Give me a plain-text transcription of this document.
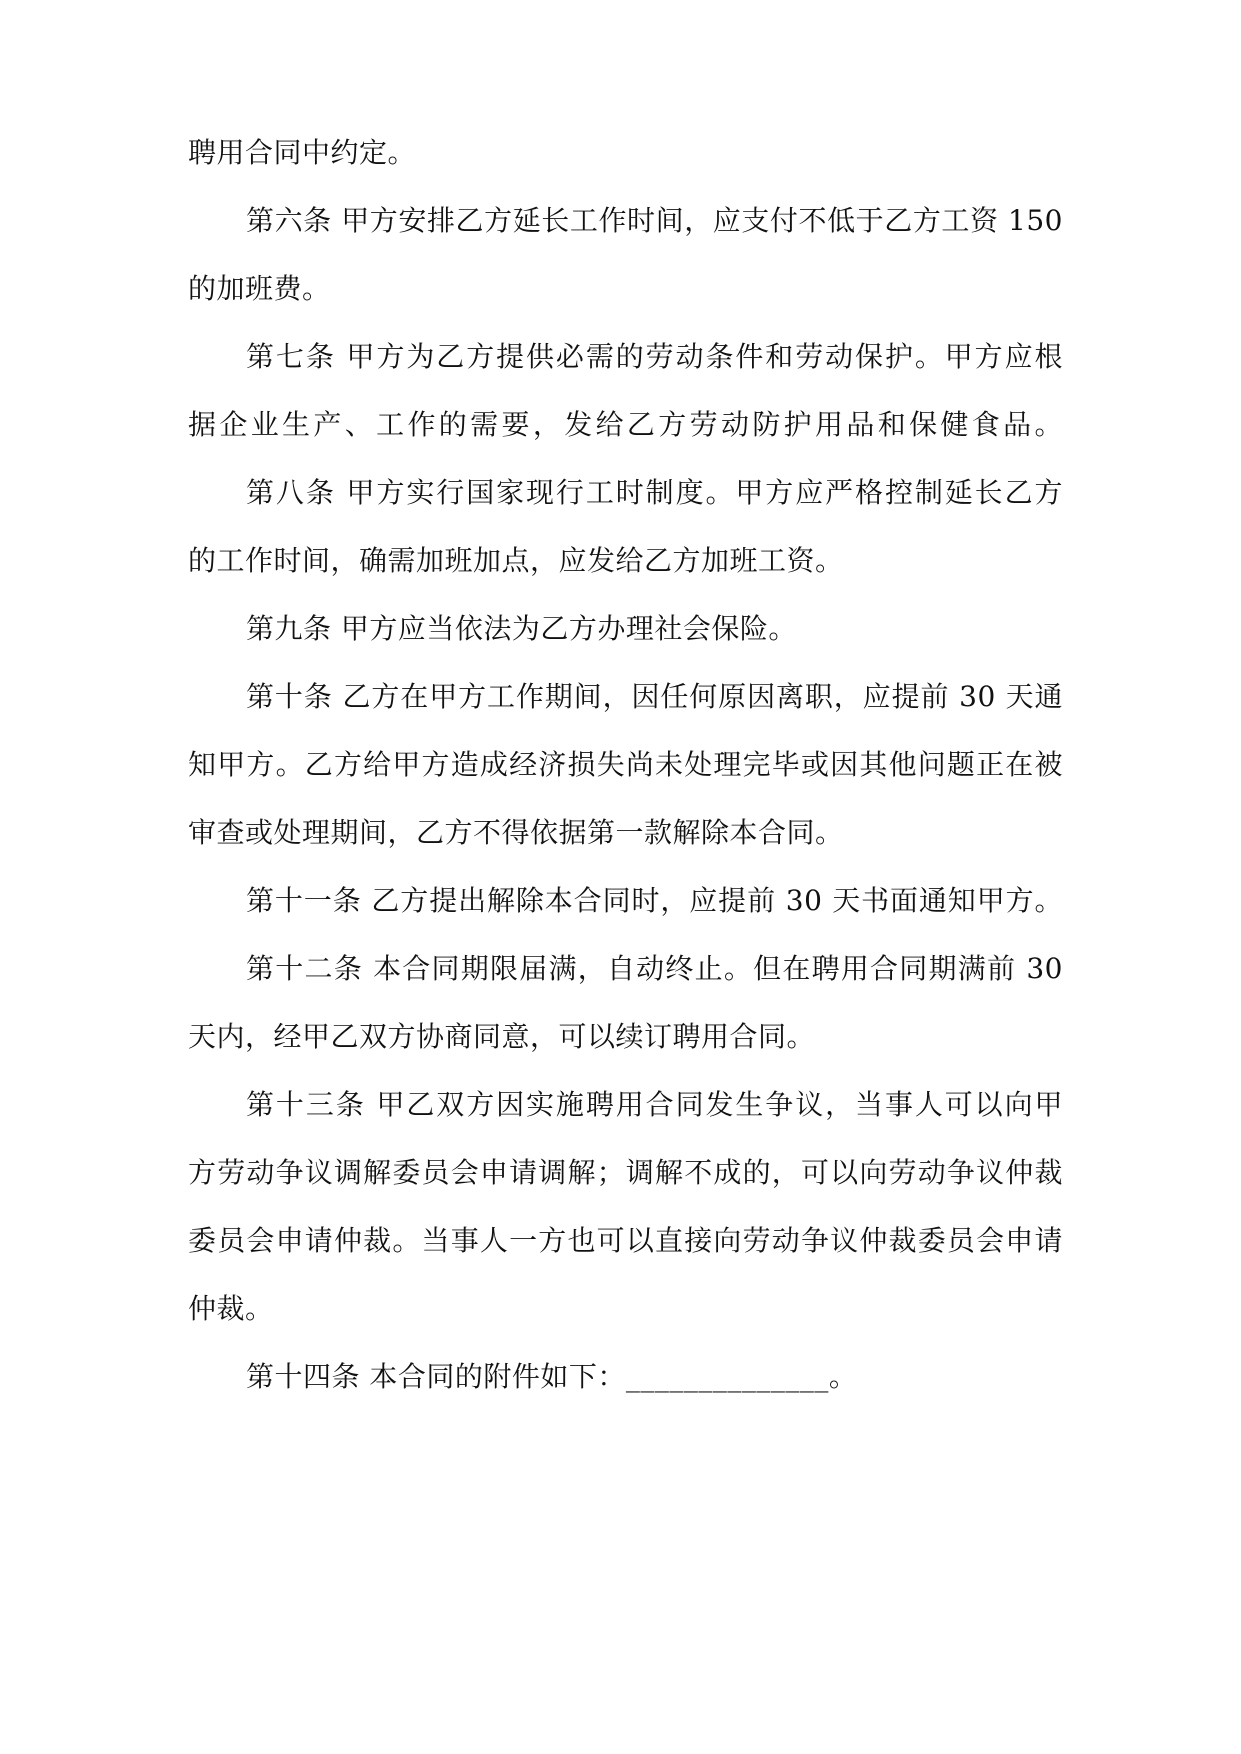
聘用合同中约定。
第六条 甲方安排乙方延长工作时间，应支付不低于乙方工资 150
的加班费。
第七条 甲方为乙方提供必需的劳动条件和劳动保护。甲方应根
据企业生产、工作的需要，发给乙方劳动防护用品和保健食品。
第八条 甲方实行国家现行工时制度。甲方应严格控制延长乙方
的工作时间，确需加班加点，应发给乙方加班工资。
第九条 甲方应当依法为乙方办理社会保险。
第十条 乙方在甲方工作期间，因任何原因离职，应提前 30 天通
知甲方。乙方给甲方造成经济损失尚未处理完毕或因其他问题正在被
审查或处理期间，乙方不得依据第一款解除本合同。
第十一条 乙方提出解除本合同时，应提前 30 天书面通知甲方。
第十二条 本合同期限届满，自动终止。但在聘用合同期满前 30
天内，经甲乙双方协商同意，可以续订聘用合同。
第十三条 甲乙双方因实施聘用合同发生争议，当事人可以向甲
方劳动争议调解委员会申请调解；调解不成的，可以向劳动争议仲裁
委员会申请仲裁。当事人一方也可以直接向劳动争议仲裁委员会申请
仲裁。
第十四条 本合同的附件如下：______________。
